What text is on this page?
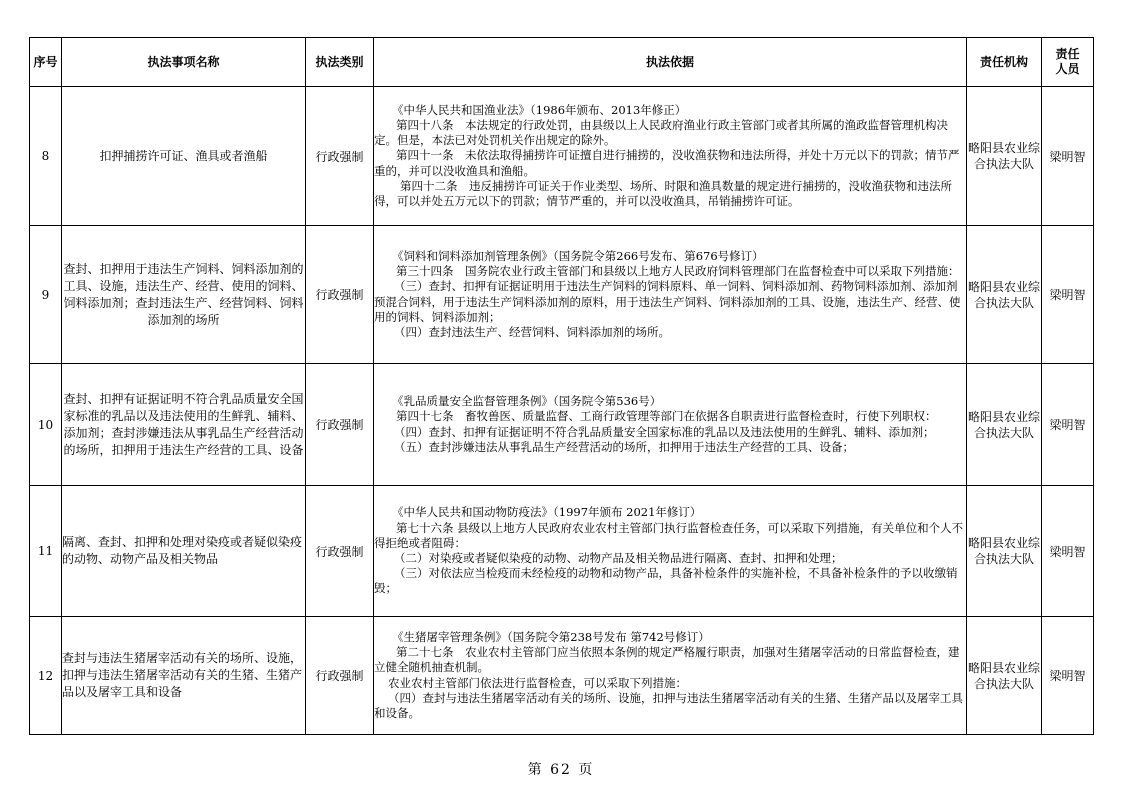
序号	执法事项名称	执法类别	执法依据	责任机构	责任人员

8	扣押捕捞许可证、渔具或者渔船	行政强制	《中华人民共和国渔业法》（1986年颁布、2013年修正）

第四十八条　本法规定的行政处罚，由县级以上人民政府渔业行政主管部门或者其所属的渔政监督管理机构决定。但是，本法已对处罚机关作出规定的除外。

第四十一条　未依法取得捕捞许可证擅自进行捕捞的，没收渔获物和违法所得，并处十万元以下的罚款；情节严重的，并可以没收渔具和渔船。

第四十二条　违反捕捞许可证关于作业类型、场所、时限和渔具数量的规定进行捕捞的，没收渔获物和违法所得，可以并处五万元以下的罚款；情节严重的，并可以没收渔具，吊销捕捞许可证。	略阳县农业综合执法大队	梁明智
9	查封、扣押用于违法生产饲料、饲料添加剂的工具、设施，违法生产、经营、使用的饲料、饲料添加剂；查封违法生产、经营饲料、饲料添加剂的场所	行政强制	《饲料和饲料添加剂管理条例》（国务院令第266号发布、第676号修订）

第三十四条　国务院农业行政主管部门和县级以上地方人民政府饲料管理部门在监督检查中可以采取下列措施：

（三）查封、扣押有证据证明用于违法生产饲料的饲料原料、单一饲料、饲料添加剂、药物饲料添加剂、添加剂预混合饲料，用于违法生产饲料添加剂的原料，用于违法生产饲料、饲料添加剂的工具、设施，违法生产、经营、使用的饲料、饲料添加剂；

（四）查封违法生产、经营饲料、饲料添加剂的场所。	略阳县农业综合执法大队	梁明智
10	查封、扣押有证据证明不符合乳品质量安全国家标准的乳品以及违法使用的生鲜乳、辅料、添加剂；查封涉嫌违法从事乳品生产经营活动的场所，扣押用于违法生产经营的工具、设备	行政强制	《乳品质量安全监督管理条例》（国务院令第536号）

第四十七条　畜牧兽医、质量监督、工商行政管理等部门在依据各自职责进行监督检查时，行使下列职权：

（四）查封、扣押有证据证明不符合乳品质量安全国家标准的乳品以及违法使用的生鲜乳、辅料、添加剂；

（五）查封涉嫌违法从事乳品生产经营活动的场所，扣押用于违法生产经营的工具、设备；	略阳县农业综合执法大队	梁明智
11	隔离、查封、扣押和处理对染疫或者疑似染疫的动物、动物产品及相关物品	行政强制	《中华人民共和国动物防疫法》（1997年颁布 2021年修订）

第七十六条 县级以上地方人民政府农业农村主管部门执行监督检查任务，可以采取下列措施，有关单位和个人不得拒绝或者阻碍：

（二）对染疫或者疑似染疫的动物、动物产品及相关物品进行隔离、查封、扣押和处理；

（三）对依法应当检疫而未经检疫的动物和动物产品，具备补检条件的实施补检，不具备补检条件的予以收缴销毁；	略阳县农业综合执法大队	梁明智
12	查封与违法生猪屠宰活动有关的场所、设施，扣押与违法生猪屠宰活动有关的生猪、生猪产品以及屠宰工具和设备	行政强制	《生猪屠宰管理条例》（国务院令第238号发布 第742号修订）

第二十七条　农业农村主管部门应当依照本条例的规定严格履行职责，加强对生猪屠宰活动的日常监督检查，建立健全随机抽查机制。

农业农村主管部门依法进行监督检查，可以采取下列措施：

（四）查封与违法生猪屠宰活动有关的场所、设施，扣押与违法生猪屠宰活动有关的生猪、生猪产品以及屠宰工具和设备。	略阳县农业综合执法大队	梁明智
第 62 页
